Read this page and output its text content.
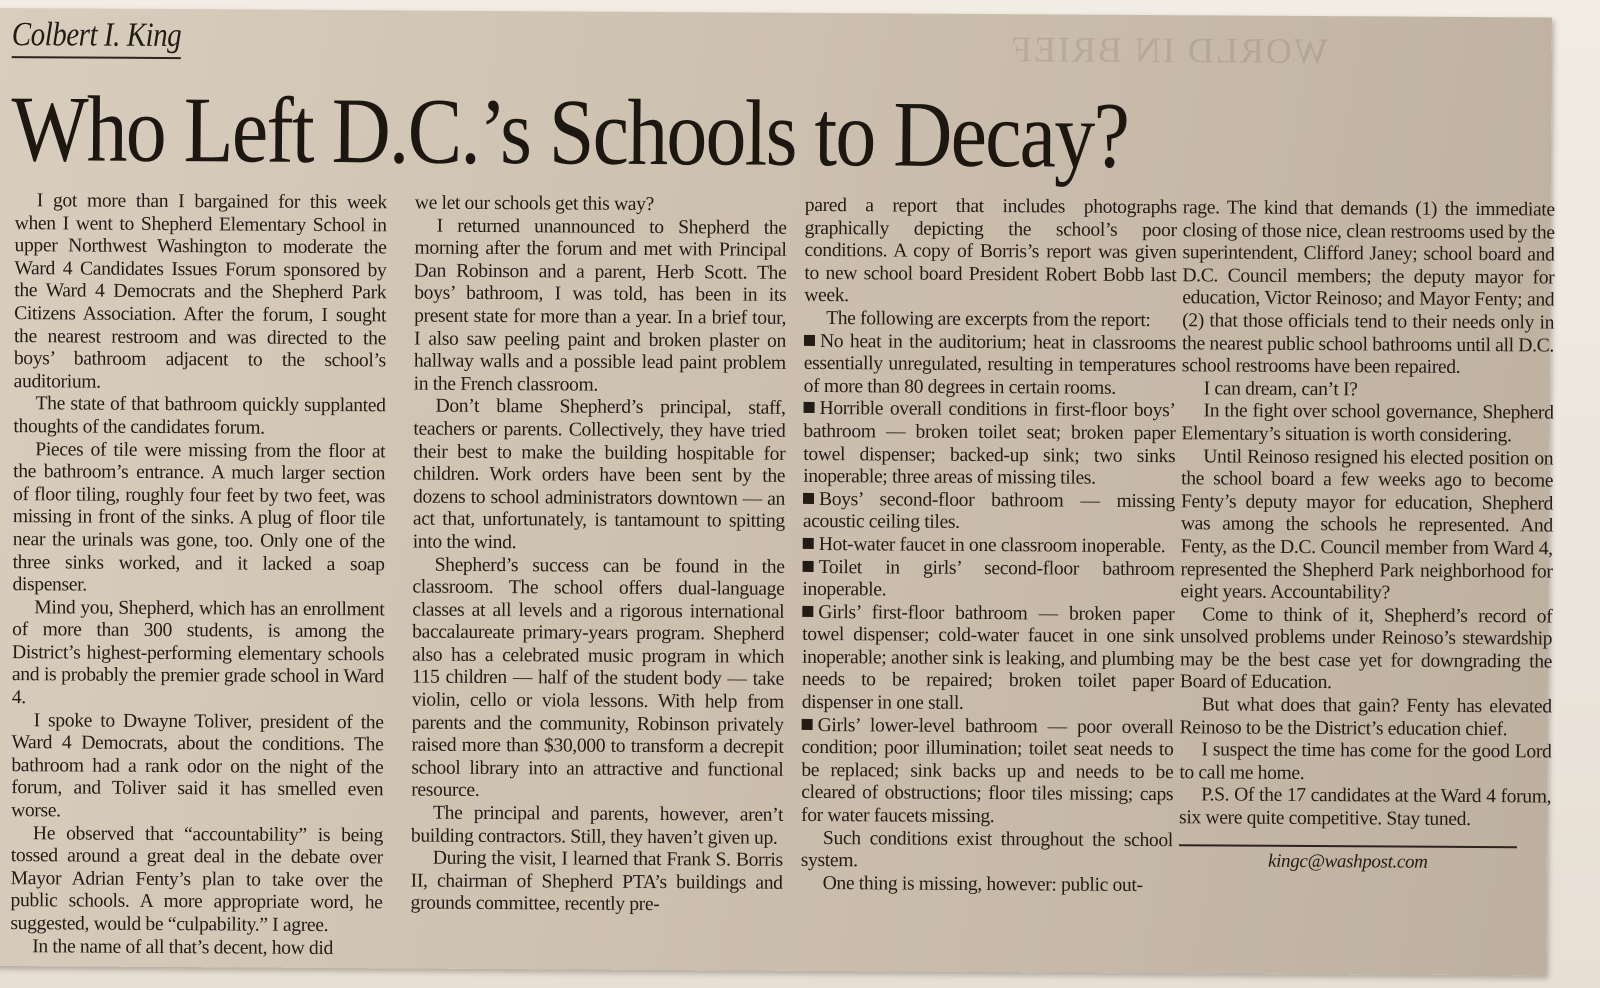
WORLD IN BRIEF
Colbert I. King
Who Left D.C.’s Schools to Decay?

I got more than I bargained for this week when I went to Shepherd Elementary School in upper Northwest Washington to moderate the Ward 4 Candidates Issues Forum sponsored by the Ward 4 Democrats and the Shepherd Park Citizens Association. After the forum, I sought the nearest restroom and was directed to the boys’ bathroom adjacent to the school’s auditorium.

The state of that bathroom quickly supplanted thoughts of the candidates forum.

Pieces of tile were missing from the floor at the bathroom’s entrance. A much larger section of floor tiling, roughly four feet by two feet, was missing in front of the sinks. A plug of floor tile near the urinals was gone, too. Only one of the three sinks worked, and it lacked a soap dispenser.

Mind you, Shepherd, which has an enrollment of more than 300 students, is among the District’s highest-performing elementary schools and is probably the premier grade school in Ward 4.

I spoke to Dwayne Toliver, president of the Ward 4 Democrats, about the conditions. The bathroom had a rank odor on the night of the forum, and Toliver said it has smelled even worse.

He observed that “accountability” is being tossed around a great deal in the debate over Mayor Adrian Fenty’s plan to take over the public schools. A more appropriate word, he suggested, would be “culpability.” I agree.

In the name of all that’s decent, how did

we let our schools get this way?

I returned unannounced to Shepherd the morning after the forum and met with Principal Dan Robinson and a parent, Herb Scott. The boys’ bathroom, I was told, has been in its present state for more than a year. In a brief tour, I also saw peeling paint and broken plaster on hallway walls and a possible lead paint problem in the French classroom.

Don’t blame Shepherd’s principal, staff, teachers or parents. Collectively, they have tried their best to make the building hospitable for children. Work orders have been sent by the dozens to school administrators downtown — an act that, unfortunately, is tantamount to spitting into the wind.

Shepherd’s success can be found in the classroom. The school offers dual-language classes at all levels and a rigorous international baccalaureate primary-years program. Shepherd also has a celebrated music program in which 115 children — half of the student body — take violin, cello or viola lessons. With help from parents and the community, Robinson privately raised more than $30,000 to transform a decrepit school library into an attractive and functional resource.

The principal and parents, however, aren’t building contractors. Still, they haven’t given up.

During the visit, I learned that Frank S. Borris II, chairman of Shepherd PTA’s buildings and grounds committee, recently pre-

pared a report that includes photographs graphically depicting the school’s poor conditions. A copy of Borris’s report was given to new school board President Robert Bobb last week.

The following are excerpts from the report:

No heat in the auditorium; heat in classrooms essentially unregulated, resulting in temperatures of more than 80 degrees in certain rooms.

Horrible overall conditions in first-floor boys’ bathroom — broken toilet seat; broken paper towel dispenser; backed-up sink; two sinks inoperable; three areas of missing tiles.

Boys’ second-floor bathroom — missing acoustic ceiling tiles.

Hot-water faucet in one classroom inoperable.

Toilet in girls’ second-floor bathroom inoperable.

Girls’ first-floor bathroom — broken paper towel dispenser; cold-water faucet in one sink inoperable; another sink is leaking, and plumbing needs to be repaired; broken toilet paper dispenser in one stall.

Girls’ lower-level bathroom — poor overall condition; poor illumination; toilet seat needs to be replaced; sink backs up and needs to be cleared of obstructions; floor tiles missing; caps for water faucets missing.

Such conditions exist throughout the school system.

One thing is missing, however: public out-

rage. The kind that demands (1) the immediate closing of those nice, clean restrooms used by the superintendent, Clifford Janey; school board and D.C. Council members; the deputy mayor for education, Victor Reinoso; and Mayor Fenty; and (2) that those officials tend to their needs only in the nearest public school bathrooms until all D.C. school restrooms have been repaired.

I can dream, can’t I?

In the fight over school governance, Shepherd Elementary’s situation is worth considering.

Until Reinoso resigned his elected position on the school board a few weeks ago to become Fenty’s deputy mayor for education, Shepherd was among the schools he represented. And Fenty, as the D.C. Council member from Ward 4, represented the Shepherd Park neighborhood for eight years. Accountability?

Come to think of it, Shepherd’s record of unsolved problems under Reinoso’s stewardship may be the best case yet for downgrading the Board of Education.

But what does that gain? Fenty has elevated Reinoso to be the District’s education chief.

I suspect the time has come for the good Lord to call me home.

P.S. Of the 17 candidates at the Ward 4 forum, six were quite competitive. Stay tuned.

kingc@washpost.com
